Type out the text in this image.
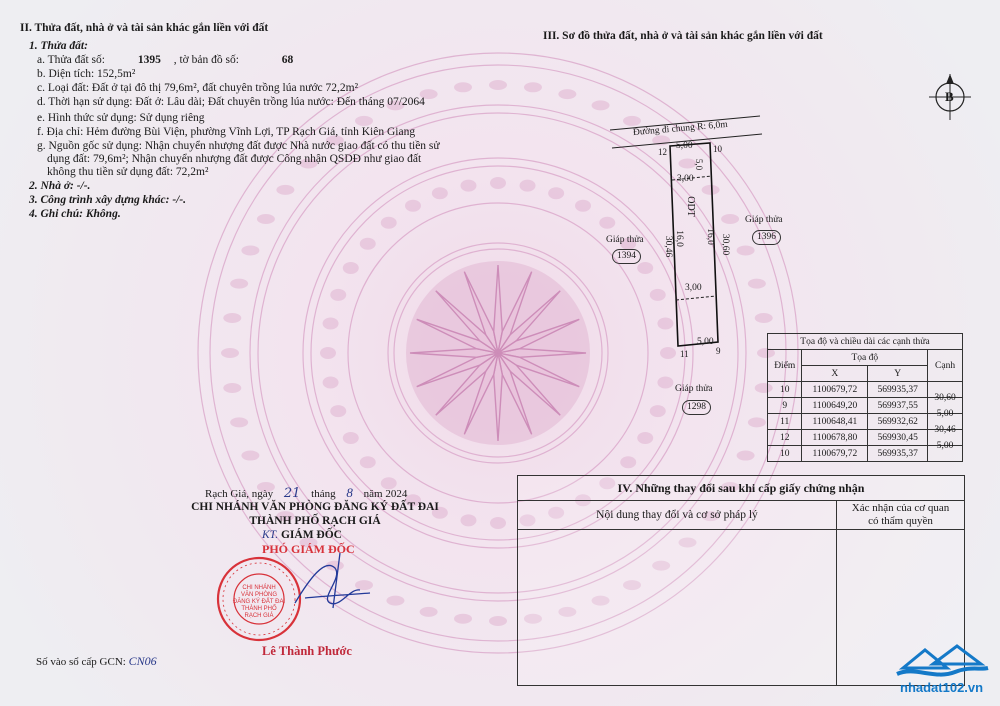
II. Thửa đất, nhà ở và tài sản khác gắn liền với đất
1. Thửa đất:
a. Thửa đất số:	1395 , tờ bản đồ số:	68
b. Diện tích: 152,5m²
c. Loại đất: Đất ở tại đô thị 79,6m², đất chuyên trồng lúa nước 72,2m²
d. Thời hạn sử dụng: Đất ở: Lâu dài; Đất chuyên trồng lúa nước: Đến tháng 07/2064
e. Hình thức sử dụng: Sử dụng riêng
f. Địa chỉ: Hẻm đường Bùi Viện, phường Vĩnh Lợi, TP Rạch Giá, tỉnh Kiên Giang
g. Nguồn gốc sử dụng: Nhận chuyển nhượng đất được Nhà nước giao đất có thu tiền sử
dụng đất: 79,6m²; Nhận chuyển nhượng đất được Công nhận QSDĐ như giao đất
không thu tiền sử dụng đất: 72,2m²
2. Nhà ở: -/-.
3. Công trình xây dựng khác: -/-.
4. Ghi chú: Không.
III. Sơ đồ thửa đất, nhà ở và tài sản khác gắn liền với đất
B
Đường đi chung R: 6,0m
12	10
5,00
5,0
3,00
ODT
30,46 16,0 16,0 30,60
3,00
5,00
11	9
Giáp thửa
1394
Giáp thửa
1396
Giáp thửa
1298
Tọa độ và chiều dài các cạnh thửa			
Điểm	Tọa độ		Cạnh
	X	Y	
10	1100679,72	569935,37	30,60
9	1100649,20	569937,55	5,00
11	1100648,41	569932,62	30,46
12	1100678,80	569930,45	5,00
10	1100679,72	569935,37	
Rạch Giá, ngày 21 tháng 8 năm 2024
CHI NHÁNH VĂN PHÒNG ĐĂNG KÝ ĐẤT ĐAI
THÀNH PHỐ RẠCH GIÁ
KT. GIÁM ĐỐC
PHÓ GIÁM ĐỐC
CHI NHÁNH
VĂN PHÒNG
ĐĂNG KÝ ĐẤT ĐAI
THÀNH PHỐ
RẠCH GIÁ
Lê Thành Phước
Số vào sổ cấp GCN: CN06
IV. Những thay đổi sau khi cấp giấy chứng nhận
Nội dung thay đổi và cơ sở pháp lý
Xác nhận của cơ quan
có thẩm quyền
nhadat102.vn
